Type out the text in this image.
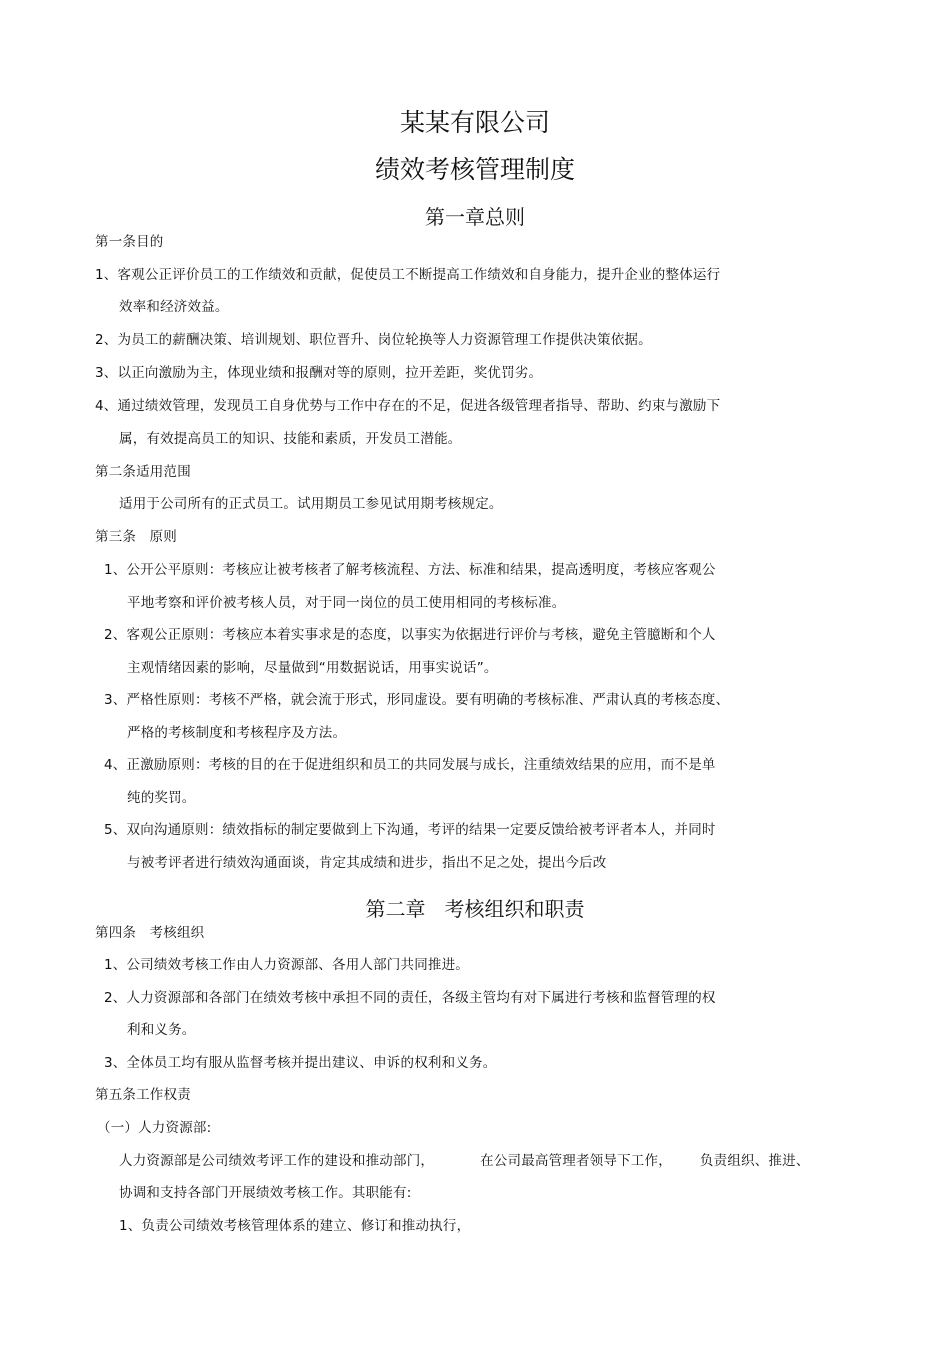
某某有限公司
绩效考核管理制度
第一章总则
第一条目的
1、客观公正评价员工的工作绩效和贡献，促使员工不断提高工作绩效和自身能力，提升企业的整体运行
效率和经济效益。
2、为员工的薪酬决策、培训规划、职位晋升、岗位轮换等人力资源管理工作提供决策依据。
3、以正向激励为主，体现业绩和报酬对等的原则，拉开差距，奖优罚劣。
4、通过绩效管理，发现员工自身优势与工作中存在的不足，促进各级管理者指导、帮助、约束与激励下
属，有效提高员工的知识、技能和素质，开发员工潜能。
第二条适用范围
适用于公司所有的正式员工。试用期员工参见试用期考核规定。
第三条   原则
1、公开公平原则：考核应让被考核者了解考核流程、方法、标准和结果，提高透明度，考核应客观公
平地考察和评价被考核人员，对于同一岗位的员工使用相同的考核标准。
2、客观公正原则：考核应本着实事求是的态度，以事实为依据进行评价与考核，避免主管臆断和个人
主观情绪因素的影响，尽量做到“用数据说话，用事实说话”。
3、严格性原则：考核不严格，就会流于形式，形同虚设。要有明确的考核标准、严肃认真的考核态度、
严格的考核制度和考核程序及方法。
4、正激励原则：考核的目的在于促进组织和员工的共同发展与成长，注重绩效结果的应用，而不是单
纯的奖罚。
5、双向沟通原则：绩效指标的制定要做到上下沟通，考评的结果一定要反馈给被考评者本人，并同时
与被考评者进行绩效沟通面谈，肯定其成绩和进步，指出不足之处，提出今后改
第二章   考核组织和职责
第四条   考核组织
1、公司绩效考核工作由人力资源部、各用人部门共同推进。
2、人力资源部和各部门在绩效考核中承担不同的责任，各级主管均有对下属进行考核和监督管理的权
利和义务。
3、全体员工均有服从监督考核并提出建议、申诉的权利和义务。
第五条工作权责
（一）人力资源部:
人力资源部是公司绩效考评工作的建设和推动部门，	在公司最高管理者领导下工作， 负责组织、推进、
协调和支持各部门开展绩效考核工作。其职能有:
1、负责公司绩效考核管理体系的建立、修订和推动执行，
